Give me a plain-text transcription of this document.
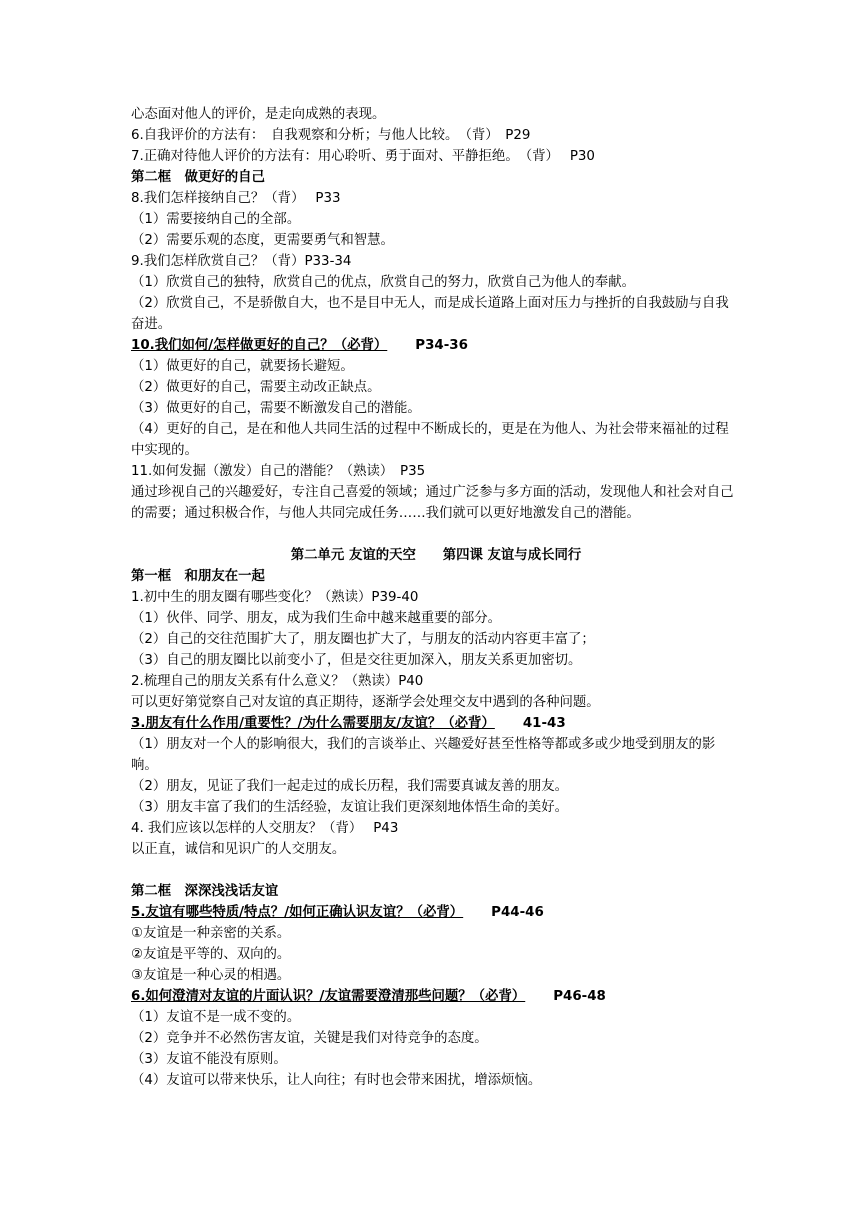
心态面对他人的评价，是走向成熟的表现。
6.自我评价的方法有：　自我观察和分析；与他人比较。　（背）　P29
7.正确对待他人评价的方法有：用心聆听、勇于面对、平静拒绝。　（背）　 P30
第二框　做更好的自己
8.我们怎样接纳自己？（背）　 P33
（1）需要接纳自己的全部。
（2）需要乐观的态度，更需要勇气和智慧。
9.我们怎样欣赏自己？（背）P33-34
（1）欣赏自己的独特，欣赏自己的优点，欣赏自己的努力，欣赏自己为他人的奉献。
（2）欣赏自己，不是骄傲自大，也不是目中无人，而是成长道路上面对压力与挫折的自我鼓励与自我奋进。
10.我们如何/怎样做更好的自己？（必背） P34-36
（1）做更好的自己，就要扬长避短。
（2）做更好的自己，需要主动改正缺点。
（3）做更好的自己，需要不断激发自己的潜能。
（4）更好的自己，是在和他人共同生活的过程中不断成长的，更是在为他人、为社会带来福祉的过程中实现的。
11.如何发掘（激发）自己的潜能？（熟读）　P35
通过珍视自己的兴趣爱好，专注自己喜爱的领域；通过广泛参与多方面的活动，发现他人和社会对自己的需要；通过积极合作，与他人共同完成任务……我们就可以更好地激发自己的潜能。
第二单元 友谊的天空　　第四课 友谊与成长同行
第一框　和朋友在一起
1.初中生的朋友圈有哪些变化？（熟读）P39-40
（1）伙伴、同学、朋友，成为我们生命中越来越重要的部分。
（2）自己的交往范围扩大了，朋友圈也扩大了，与朋友的活动内容更丰富了；
（3）自己的朋友圈比以前变小了，但是交往更加深入，朋友关系更加密切。
2.梳理自己的朋友关系有什么意义？（熟读）P40
可以更好第觉察自己对友谊的真正期待，逐渐学会处理交友中遇到的各种问题。
3.朋友有什么作用/重要性？/为什么需要朋友/友谊？（必背） 41-43
（1）朋友对一个人的影响很大，我们的言谈举止、兴趣爱好甚至性格等都或多或少地受到朋友的影响。
（2）朋友，见证了我们一起走过的成长历程，我们需要真诚友善的朋友。
（3）朋友丰富了我们的生活经验，友谊让我们更深刻地体悟生命的美好。
4. 我们应该以怎样的人交朋友？（背）　 P43
以正直，诚信和见识广的人交朋友。
第二框　深深浅浅话友谊
5.友谊有哪些特质/特点？/如何正确认识友谊？（必背） P44-46
①友谊是一种亲密的关系。
②友谊是平等的、双向的。
③友谊是一种心灵的相遇。
6.如何澄清对友谊的片面认识？/友谊需要澄清那些问题？（必背） P46-48
（1）友谊不是一成不变的。
（2）竞争并不必然伤害友谊，关键是我们对待竞争的态度。
（3）友谊不能没有原则。
（4）友谊可以带来快乐，让人向往；有时也会带来困扰，增添烦恼。
